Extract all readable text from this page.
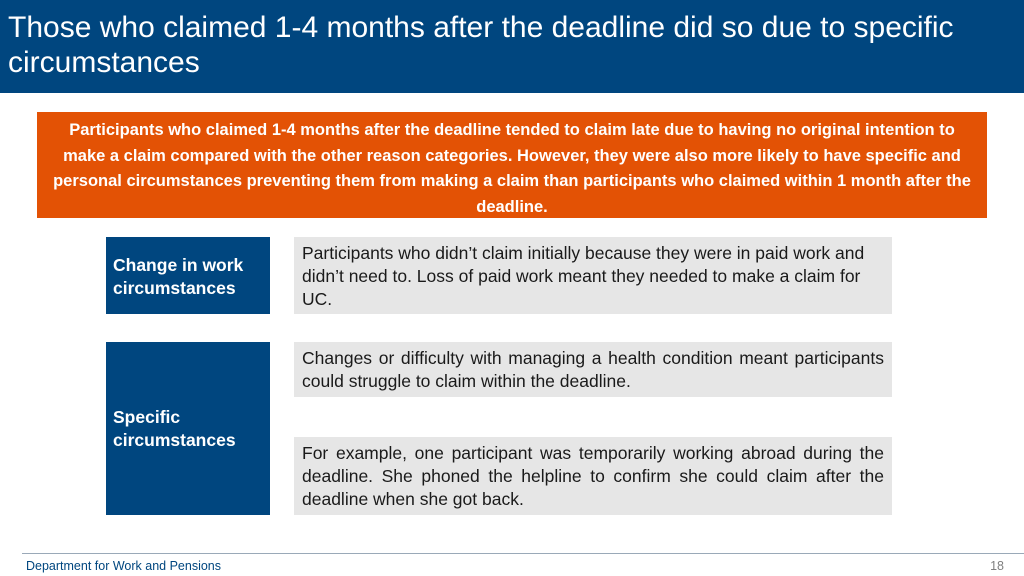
Those who claimed 1-4 months after the deadline did so due to specific circumstances

Participants who claimed 1-4 months after the deadline tended to claim late due to having no original intention to make a claim compared with the other reason categories. However, they were also more likely to have specific and personal circumstances preventing them from making a claim than participants who claimed within 1 month after the deadline.

Change in work circumstances
Participants who didn’t claim initially because they were in paid work and didn’t need to. Loss of paid work meant they needed to make a claim for UC.
Specific circumstances
Changes or difficulty with managing a health condition meant participants could struggle to claim within the deadline.
For example, one participant was temporarily working abroad during the deadline. She phoned the helpline to confirm she could claim after the deadline when she got back.
Department for Work and Pensions	18
